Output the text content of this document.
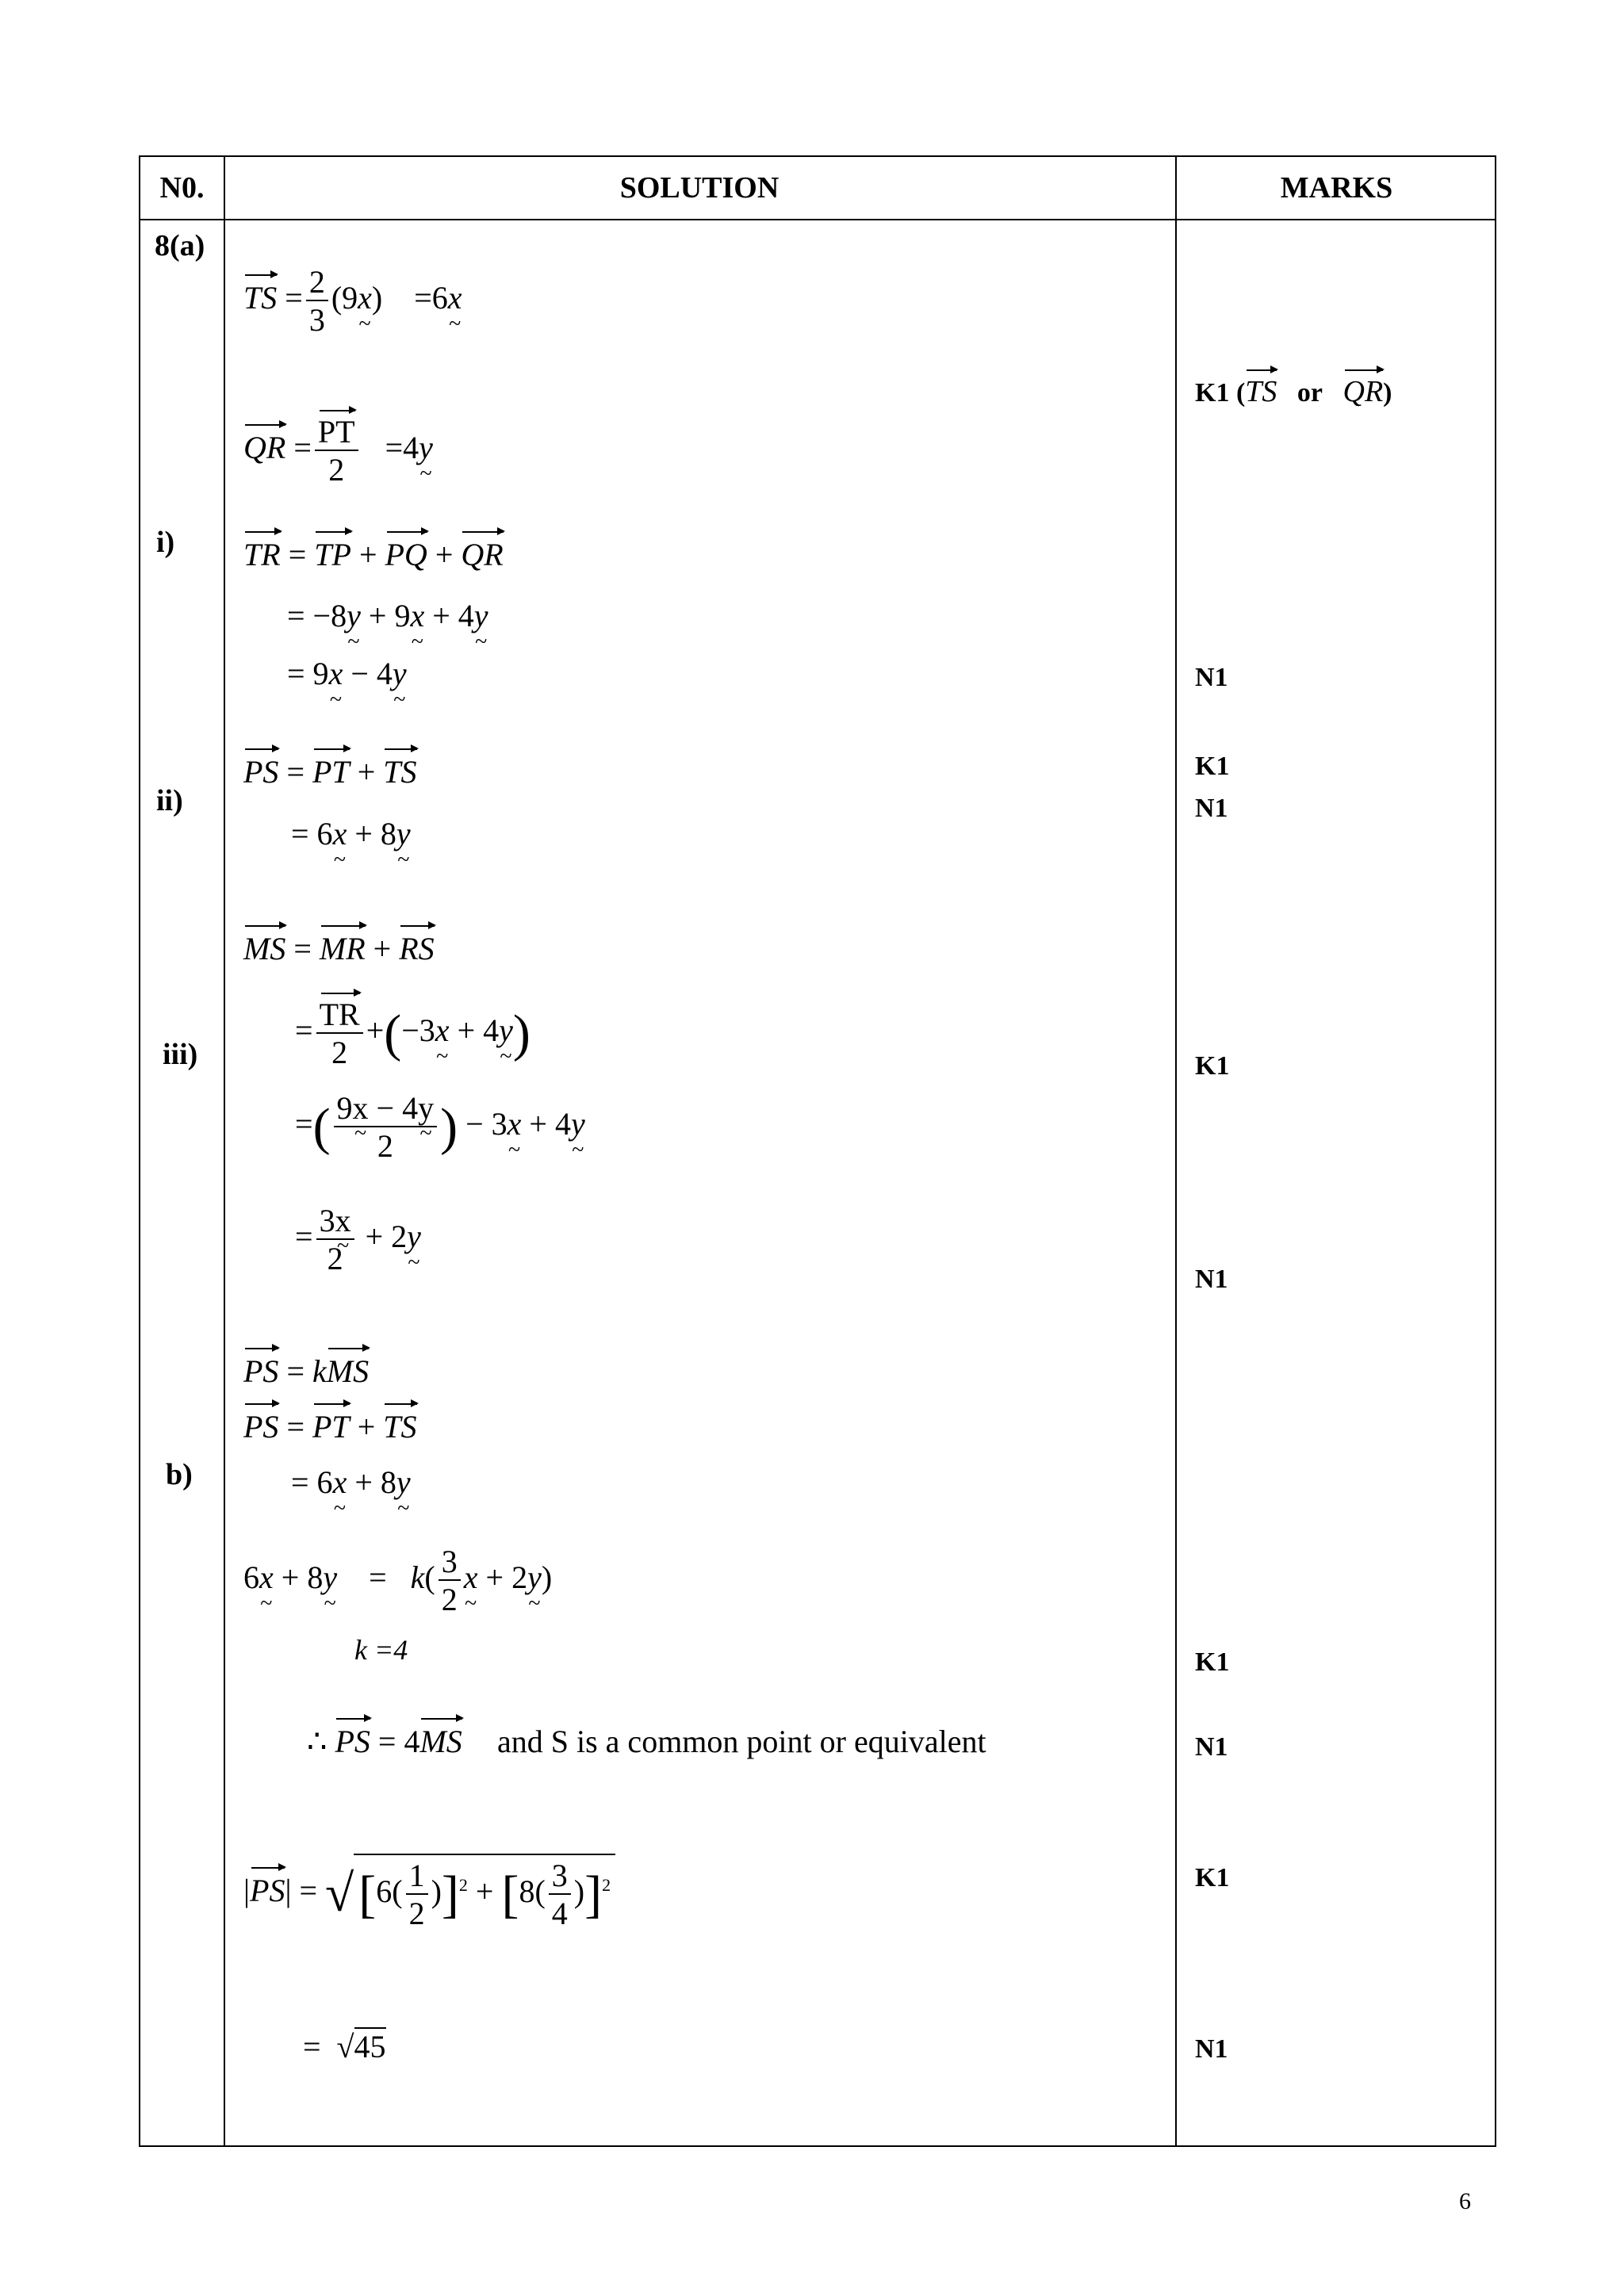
N0.	SOLUTION	MARKS
8(a)
i)
ii)
iii)
b)
TS = $\frac{2}{3} (9x$ ~) =6x ~
QR = $\frac{PT}{2} =4y$ ~
TR = TP + PQ + QR
= −8y ~ + 9x ~ + 4y ~
= 9x ~ − 4y ~
PS = PT + TS
= 6x ~ + 8y ~
MS = MR + RS
= $\frac{TR}{2} +(-3x$ ~ + 4y ~)
=( $\frac{9x \sim - 4y \sim}{2}$ ) − 3x ~ + 4y ~
= $\frac{3x \sim}{2} + 2y$ ~
PS = kMS
PS = PT + TS
= 6x ~ + 8y ~
6x ~ + 8y ~ =   $k( \frac{3}{2}$ x ~ + 2y ~)
k =4
∴ PS = 4MS and S is a common point or equivalent
$|PS| = √[6( \frac{1}{2} )]^2 + [8( \frac{3}{4} )]^2$
=  √45
K1 (TS or QR)
N1
K1
N1
K1
N1
K1
N1
K1
N1
6
